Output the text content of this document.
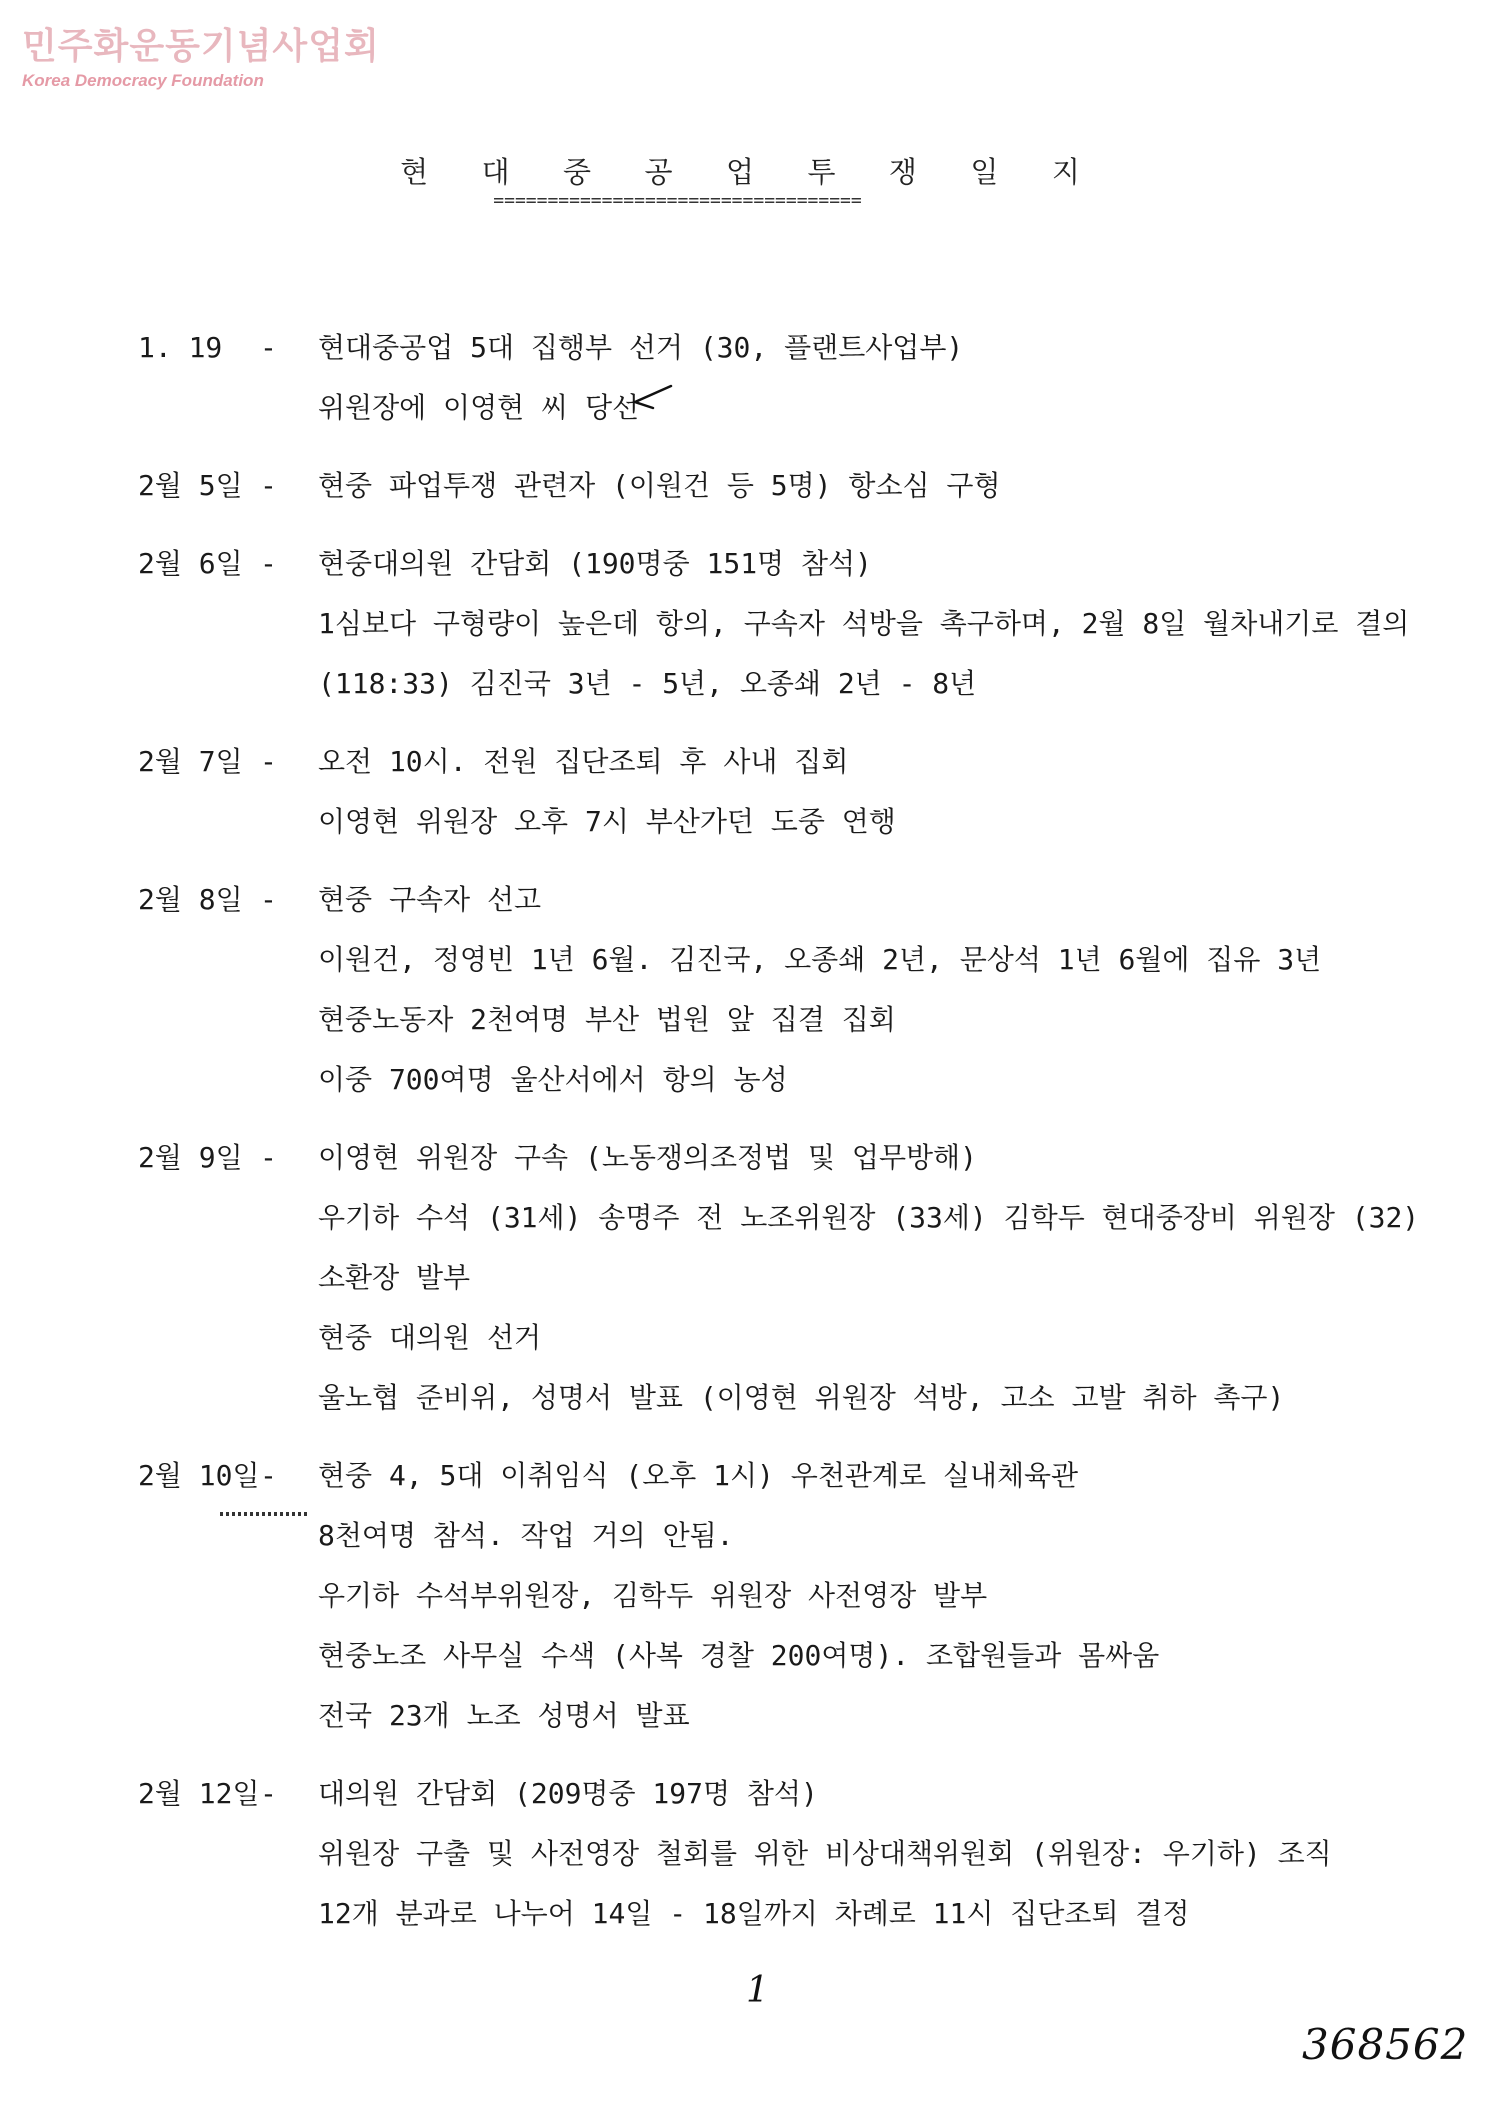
민주화운동기념사업회
Korea Democracy Foundation
현 대 중 공 업 투 쟁 일 지
==================================
1. 19 - 현대중공업 5대 집행부 선거 (30, 플랜트사업부)
위원장에 이영현 씨 당선
2월 5일 - 현중 파업투쟁 관련자 (이원건 등 5명) 항소심 구형
2월 6일 - 현중대의원 간담회 (190명중 151명 참석)
1심보다 구형량이 높은데 항의, 구속자 석방을 촉구하며, 2월 8일 월차내기로 결의
(118:33) 김진국 3년 - 5년, 오종쇄 2년 - 8년
2월 7일 - 오전 10시. 전원 집단조퇴 후 사내 집회
이영현 위원장 오후 7시 부산가던 도중 연행
2월 8일 - 현중 구속자 선고
이원건, 정영빈 1년 6월. 김진국, 오종쇄 2년, 문상석 1년 6월에 집유 3년
현중노동자 2천여명 부산 법원 앞 집결 집회
이중 700여명 울산서에서 항의 농성
2월 9일 - 이영현 위원장 구속 (노동쟁의조정법 및 업무방해)
우기하 수석 (31세) 송명주 전 노조위원장 (33세) 김학두 현대중장비 위원장 (32)
소환장 발부
현중 대의원 선거
울노협 준비위, 성명서 발표 (이영현 위원장 석방, 고소 고발 취하 촉구)
2월 10일 - 현중 4, 5대 이취임식 (오후 1시) 우천관계로 실내체육관
8천여명 참석. 작업 거의 안됨.
우기하 수석부위원장, 김학두 위원장 사전영장 발부
현중노조 사무실 수색 (사복 경찰 200여명). 조합원들과 몸싸움
전국 23개 노조 성명서 발표
2월 12일 - 대의원 간담회 (209명중 197명 참석)
위원장 구출 및 사전영장 철회를 위한 비상대책위원회 (위원장: 우기하) 조직
12개 분과로 나누어 14일 - 18일까지 차례로 11시 집단조퇴 결정
1
368562
